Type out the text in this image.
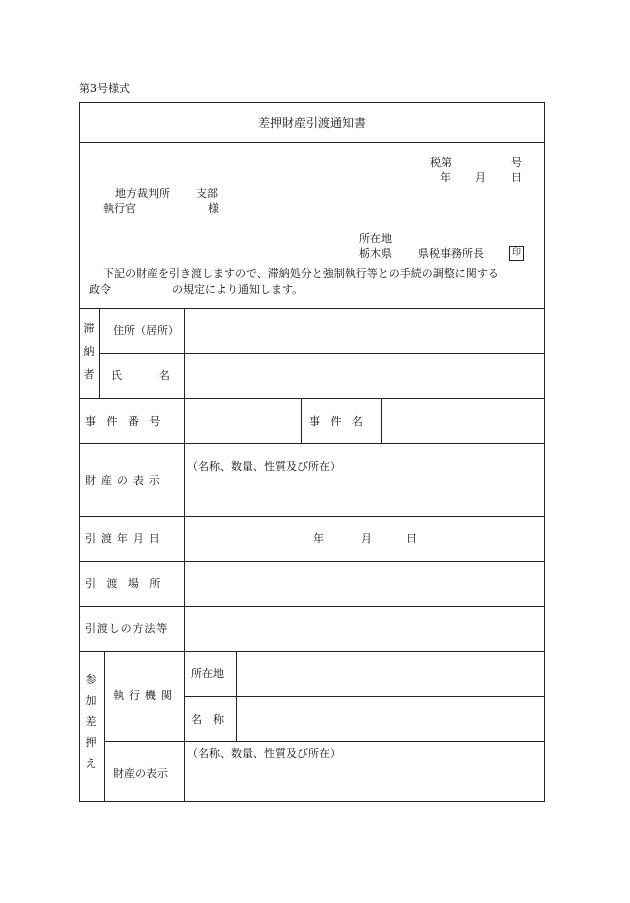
第3号様式
差押財産引渡通知書
税第	号
年 月 日
地方裁判所 支部
執行官	様
所在地
栃木県 県税事務所長	印
下記の財産を引き渡しますので、滞納処分と強制執行等との手続の調整に関する
政令	の規定により通知します。
滞
納
者
住所（居所）
氏　　名
事件番号	事件名
財産の表示
（名称、数量、性質及び所在）
引渡年月日	年	月	日
引渡場所
引渡しの方法等
参
加
差
押
え
執行機関
所在地
名　称
財産の表示
（名称、数量、性質及び所在）
